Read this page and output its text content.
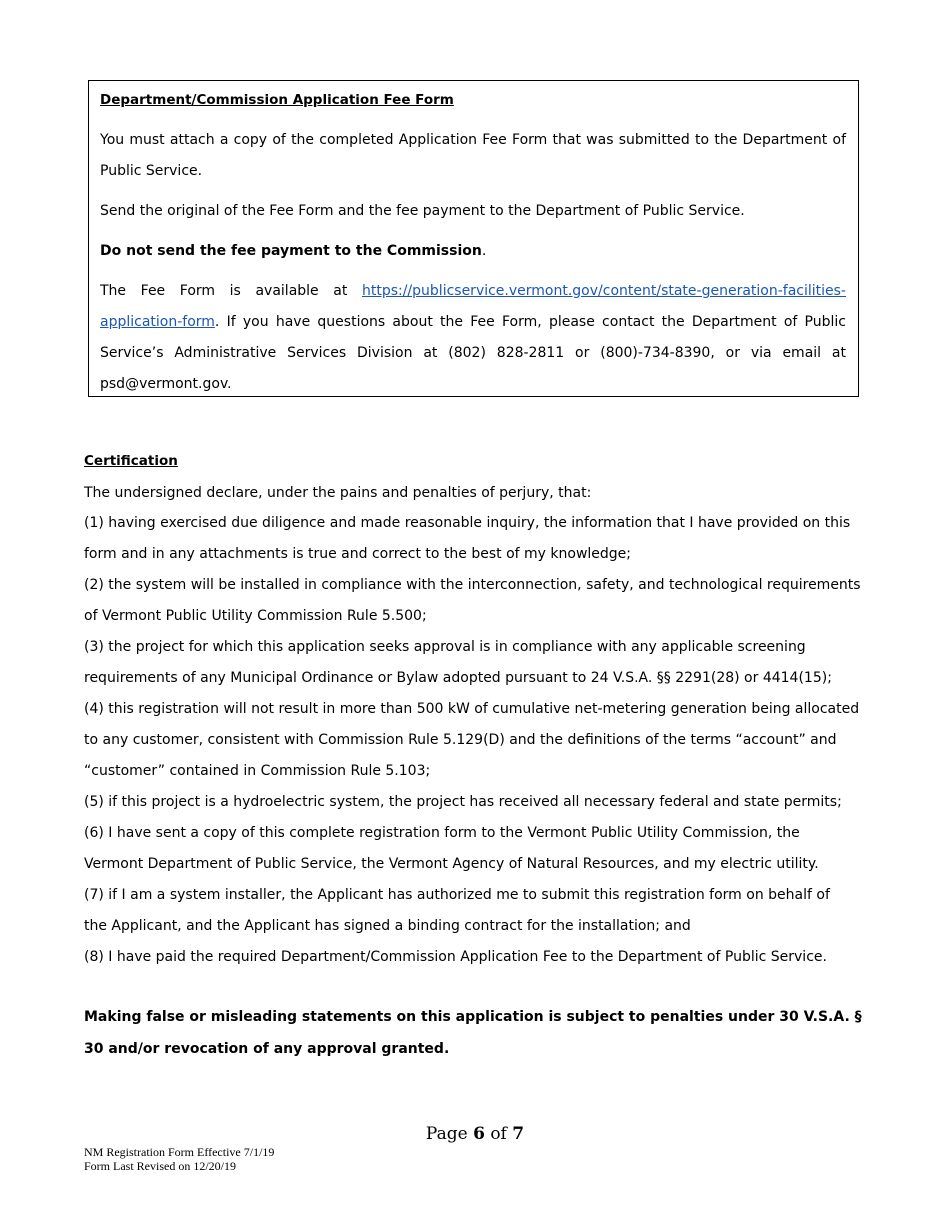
Department/Commission Application Fee Form
You must attach a copy of the completed Application Fee Form that was submitted to the Department of Public Service.
Send the original of the Fee Form and the fee payment to the Department of Public Service.
Do not send the fee payment to the Commission.
The Fee Form is available at https://publicservice.vermont.gov/content/state-generation-facilities-application-form. If you have questions about the Fee Form, please contact the Department of Public Service’s Administrative Services Division at (802) 828-2811 or (800)-734-8390, or via email at psd@vermont.gov.
Certification
The undersigned declare, under the pains and penalties of perjury, that:
(1) having exercised due diligence and made reasonable inquiry, the information that I have provided on this form and in any attachments is true and correct to the best of my knowledge;
(2) the system will be installed in compliance with the interconnection, safety, and technological requirements of Vermont Public Utility Commission Rule 5.500;
(3) the project for which this application seeks approval is in compliance with any applicable screening requirements of any Municipal Ordinance or Bylaw adopted pursuant to 24 V.S.A. §§ 2291(28) or 4414(15);
(4) this registration will not result in more than 500 kW of cumulative net-metering generation being allocated to any customer, consistent with Commission Rule 5.129(D) and the definitions of the terms “account” and “customer” contained in Commission Rule 5.103;
(5) if this project is a hydroelectric system, the project has received all necessary federal and state permits;
(6) I have sent a copy of this complete registration form to the Vermont Public Utility Commission, the Vermont Department of Public Service, the Vermont Agency of Natural Resources, and my electric utility.
(7) if I am a system installer, the Applicant has authorized me to submit this registration form on behalf of the Applicant, and the Applicant has signed a binding contract for the installation; and
(8) I have paid the required Department/Commission Application Fee to the Department of Public Service.
Making false or misleading statements on this application is subject to penalties under 30 V.S.A. § 30 and/or revocation of any approval granted.
Page 6 of 7
NM Registration Form Effective 7/1/19
Form Last Revised on 12/20/19
